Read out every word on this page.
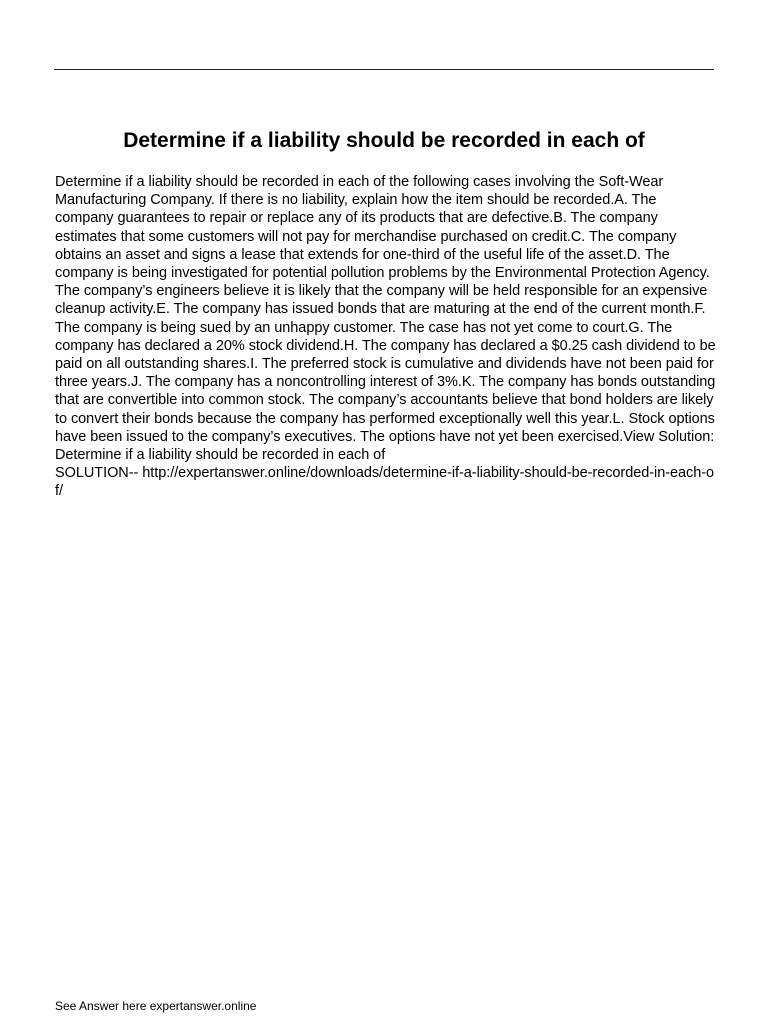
Determine if a liability should be recorded in each of

Determine if a liability should be recorded in each of the following cases involving the Soft-Wear Manufacturing Company. If there is no liability, explain how the item should be recorded.A. The company guarantees to repair or replace any of its products that are defective.B. The company estimates that some customers will not pay for merchandise purchased on credit.C. The company obtains an asset and signs a lease that extends for one-third of the useful life of the asset.D. The company is being investigated for potential pollution problems by the Environmental Protection Agency. The company’s engineers believe it is likely that the company will be held responsible for an expensive cleanup activity.E. The company has issued bonds that are maturing at the end of the current month.F. The company is being sued by an unhappy customer. The case has not yet come to court.G. The company has declared a 20% stock dividend.H. The company has declared a $0.25 cash dividend to be paid on all outstanding shares.I. The preferred stock is cumulative and dividends have not been paid for three years.J. The company has a noncontrolling interest of 3%.K. The company has bonds outstanding that are convertible into common stock. The company’s accountants believe that bond holders are likely to convert their bonds because the company has performed exceptionally well this year.L. Stock options have been issued to the company’s executives. The options have not yet been exercised.View Solution:

Determine if a liability should be recorded in each of

SOLUTION-- http://expertanswer.online/downloads/determine-if-a-liability-should-be-recorded-in-each-of/

See Answer here expertanswer.online
